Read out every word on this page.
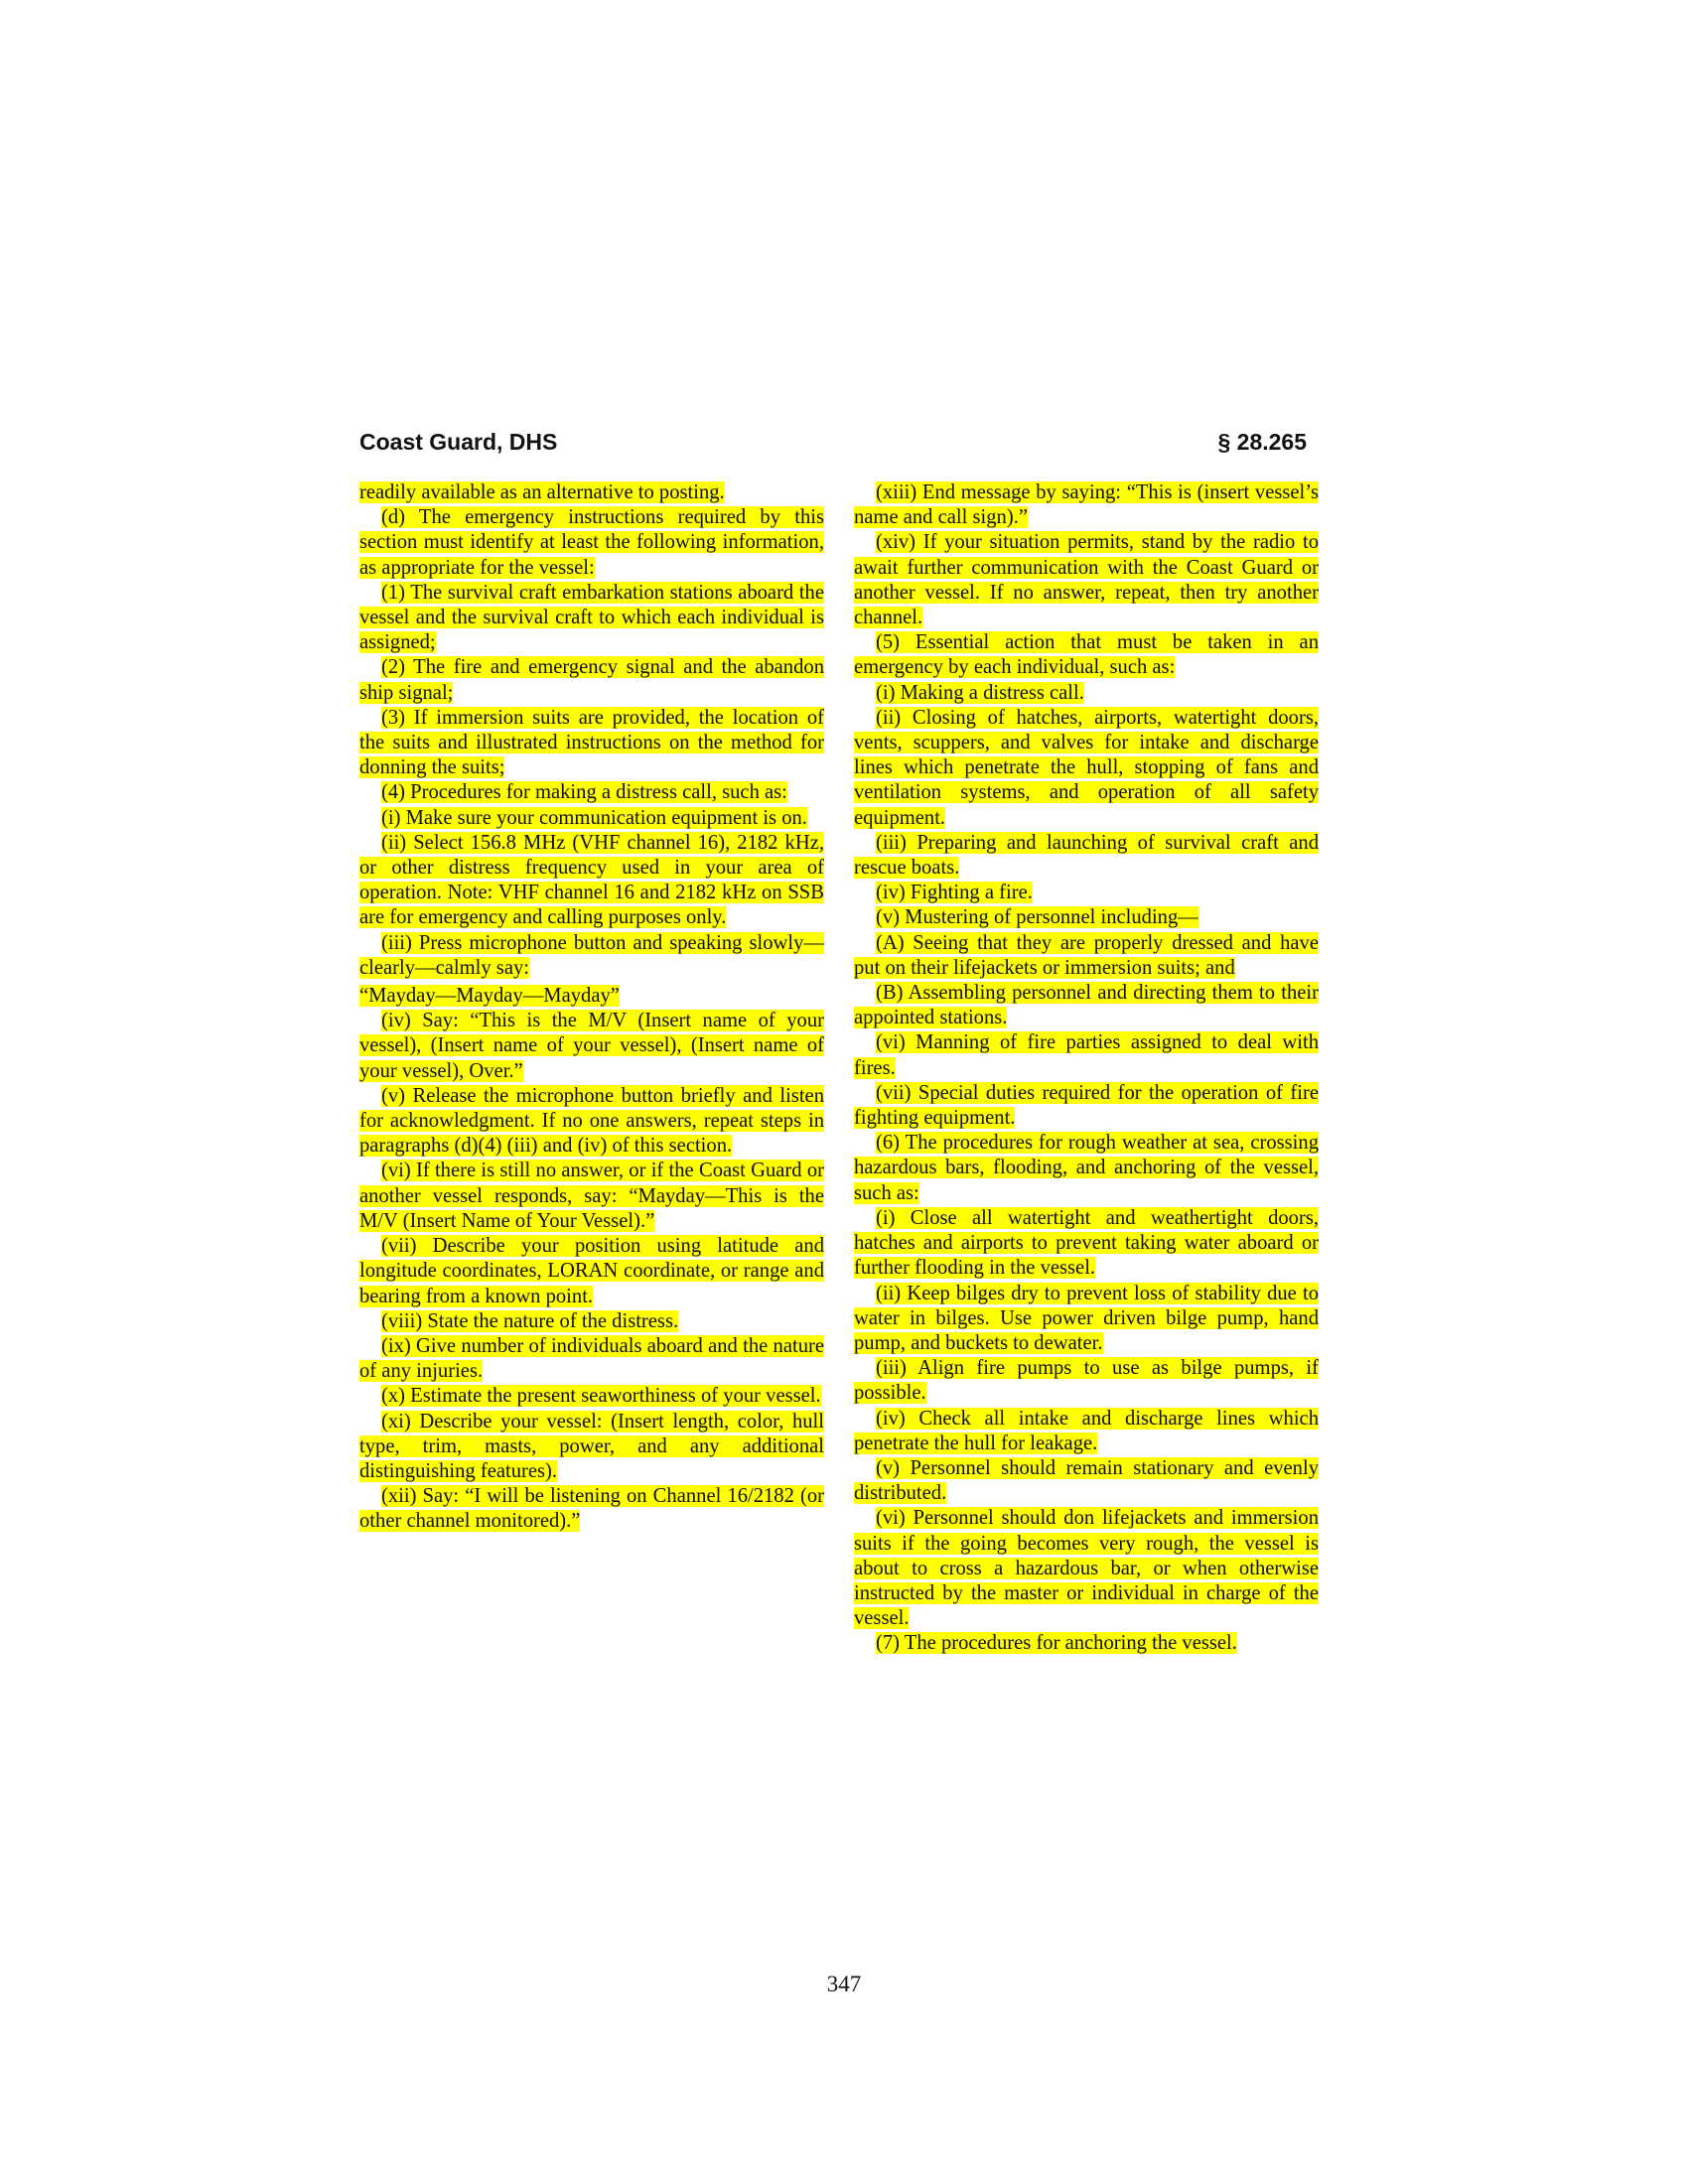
Coast Guard, DHS	§ 28.265

readily available as an alternative to posting.

(d) The emergency instructions required by this section must identify at least the following information, as appropriate for the vessel:

(1) The survival craft embarkation stations aboard the vessel and the survival craft to which each individual is assigned;

(2) The fire and emergency signal and the abandon ship signal;

(3) If immersion suits are provided, the location of the suits and illustrated instructions on the method for donning the suits;

(4) Procedures for making a distress call, such as:

(i) Make sure your communication equipment is on.

(ii) Select 156.8 MHz (VHF channel 16), 2182 kHz, or other distress frequency used in your area of operation. Note: VHF channel 16 and 2182 kHz on SSB are for emergency and calling purposes only.

(iii) Press microphone button and speaking slowly—clearly—calmly say:

“Mayday—Mayday—Mayday”

(iv) Say: “This is the M/V (Insert name of your vessel), (Insert name of your vessel), (Insert name of your vessel), Over.”

(v) Release the microphone button briefly and listen for acknowledgment. If no one answers, repeat steps in paragraphs (d)(4) (iii) and (iv) of this section.

(vi) If there is still no answer, or if the Coast Guard or another vessel responds, say: “Mayday—This is the M/V (Insert Name of Your Vessel).”

(vii) Describe your position using latitude and longitude coordinates, LORAN coordinate, or range and bearing from a known point.

(viii) State the nature of the distress.

(ix) Give number of individuals aboard and the nature of any injuries.

(x) Estimate the present seaworthiness of your vessel.

(xi) Describe your vessel: (Insert length, color, hull type, trim, masts, power, and any additional distinguishing features).

(xii) Say: “I will be listening on Channel 16/2182 (or other channel monitored).”

(xiii) End message by saying: “This is (insert vessel’s name and call sign).”

(xiv) If your situation permits, stand by the radio to await further communication with the Coast Guard or another vessel. If no answer, repeat, then try another channel.

(5) Essential action that must be taken in an emergency by each individual, such as:

(i) Making a distress call.

(ii) Closing of hatches, airports, watertight doors, vents, scuppers, and valves for intake and discharge lines which penetrate the hull, stopping of fans and ventilation systems, and operation of all safety equipment.

(iii) Preparing and launching of survival craft and rescue boats.

(iv) Fighting a fire.

(v) Mustering of personnel including—

(A) Seeing that they are properly dressed and have put on their lifejackets or immersion suits; and

(B) Assembling personnel and directing them to their appointed stations.

(vi) Manning of fire parties assigned to deal with fires.

(vii) Special duties required for the operation of fire fighting equipment.

(6) The procedures for rough weather at sea, crossing hazardous bars, flooding, and anchoring of the vessel, such as:

(i) Close all watertight and weathertight doors, hatches and airports to prevent taking water aboard or further flooding in the vessel.

(ii) Keep bilges dry to prevent loss of stability due to water in bilges. Use power driven bilge pump, hand pump, and buckets to dewater.

(iii) Align fire pumps to use as bilge pumps, if possible.

(iv) Check all intake and discharge lines which penetrate the hull for leakage.

(v) Personnel should remain stationary and evenly distributed.

(vi) Personnel should don lifejackets and immersion suits if the going becomes very rough, the vessel is about to cross a hazardous bar, or when otherwise instructed by the master or individual in charge of the vessel.

(7) The procedures for anchoring the vessel.

347
